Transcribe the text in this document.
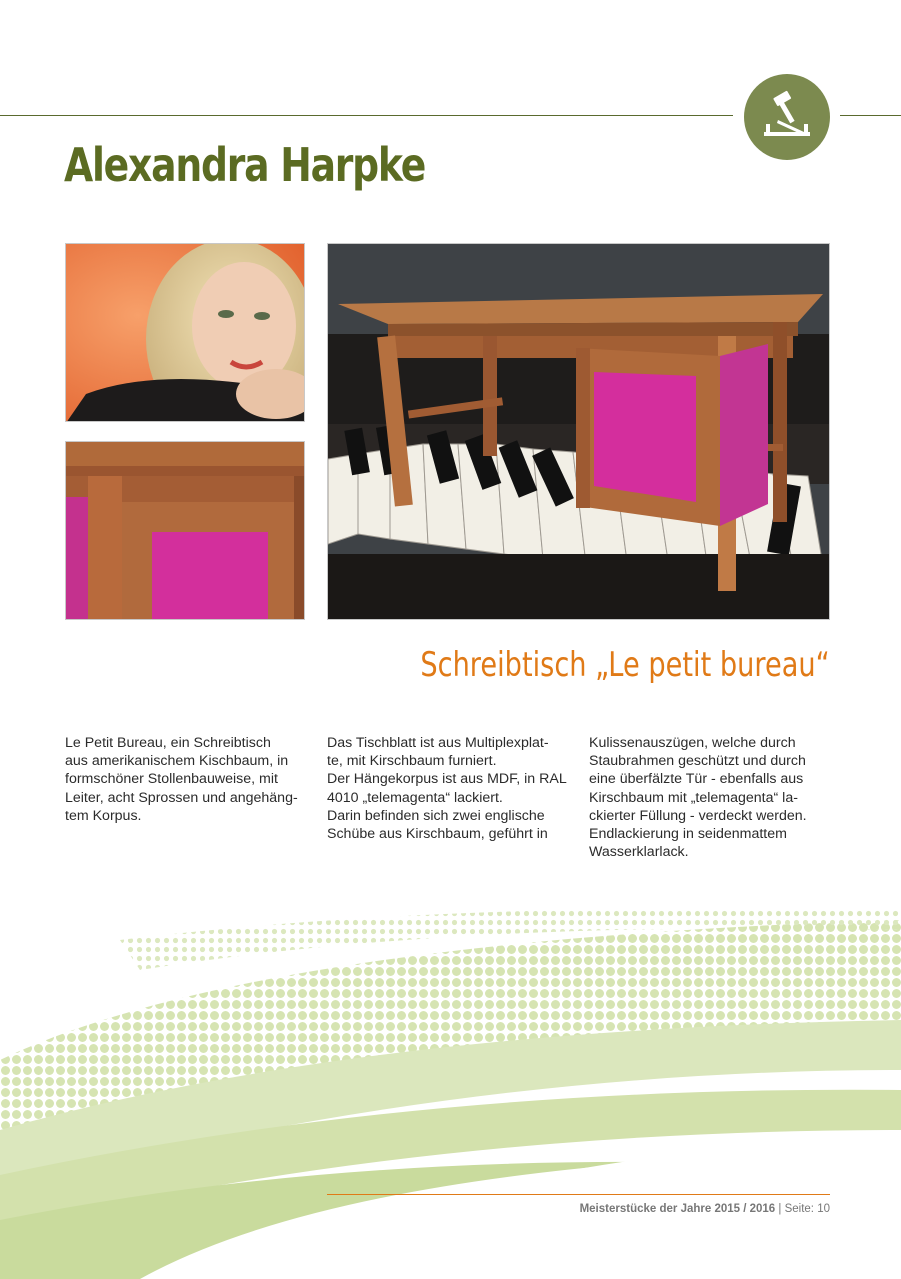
Alexandra Harpke
Schreibtisch „Le petit bureau“

Le Petit Bureau, ein Schreibtisch

aus amerikanischem Kischbaum, in

formschöner Stollenbauweise, mit

Leiter, acht Sprossen und angehäng-

tem Korpus.

Das Tischblatt ist aus Multiplexplat-

te, mit Kirschbaum furniert.

Der Hängekorpus ist aus MDF, in RAL

4010 „telemagenta“ lackiert.

Darin befinden sich zwei englische

Schübe aus Kirschbaum, geführt in

Kulissenauszügen, welche durch

Staubrahmen geschützt und durch

eine überfälzte Tür - ebenfalls aus

Kirschbaum mit „telemagenta“ la-

ckierter Füllung - verdeckt werden.

Endlackierung in seidenmattem

Wasserklarlack.

Meisterstücke der Jahre 2015 / 2016 | Seite: 10
